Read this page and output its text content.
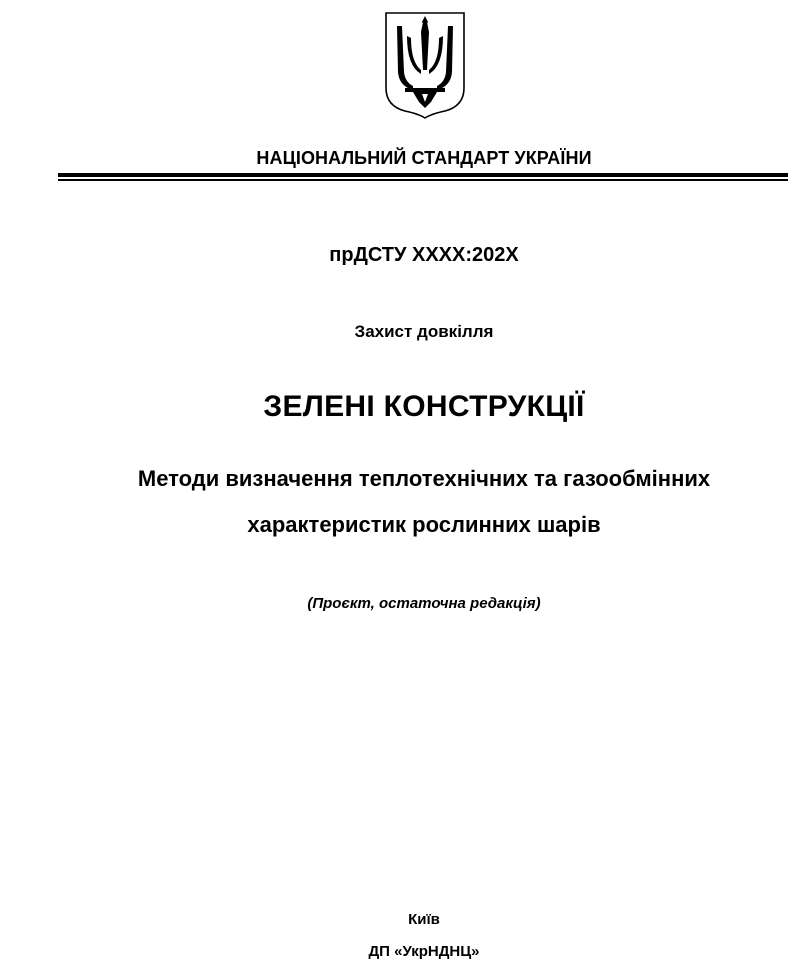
НАЦІОНАЛЬНИЙ СТАНДАРТ УКРАЇНИ
прДСТУ XXXX:202X
Захист довкілля
ЗЕЛЕНІ КОНСТРУКЦІЇ
Методи визначення теплотехнічних та газообмінних
характеристик рослинних шарів
(Проєкт, остаточна редакція)
Київ
ДП «УкрНДНЦ»
